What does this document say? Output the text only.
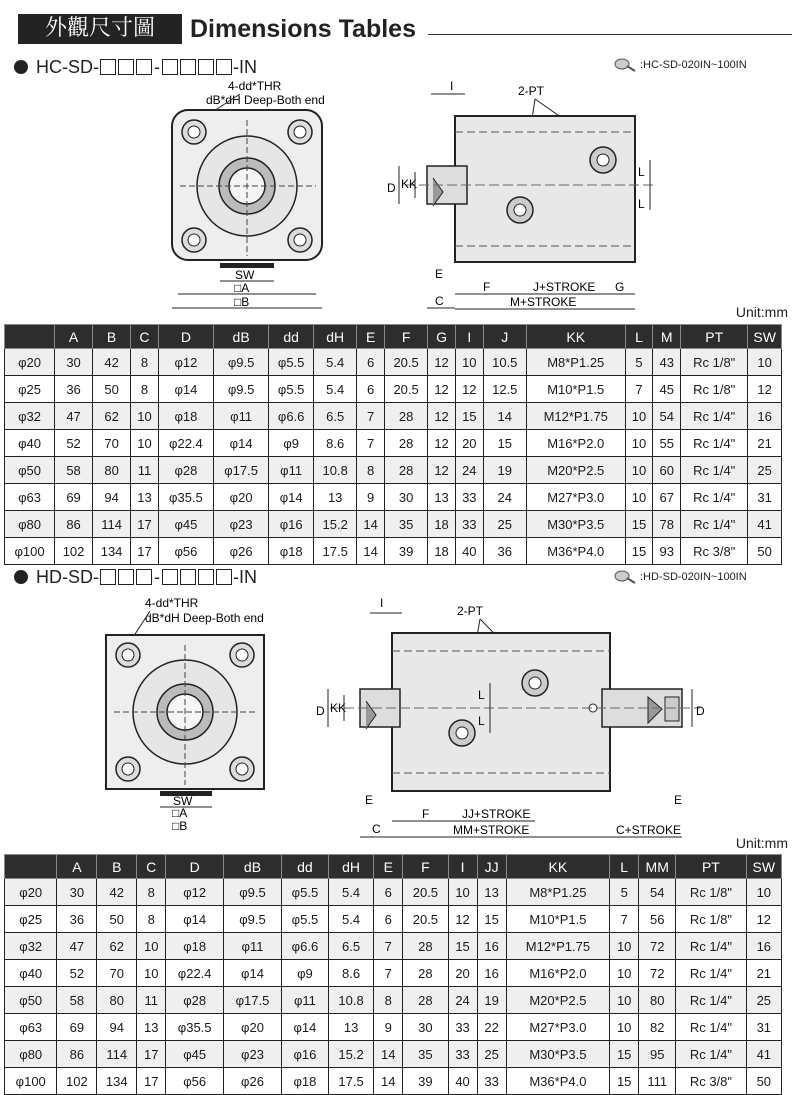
外觀尺寸圖	Dimensions Tables
HC-SD-	-	-IN	:HC-SD-020IN~100IN
4-dd*THR
dB*dH Deep-Both end
SW
□A
□B
I	2-PT
D KK
L
L
E
C
F	J+STROKE G
M+STROKE
Unit:mm
	A	B	C	D	dB	dd	dH	E	F	G	I	J	KK	L	M	PT	SW
φ20	30	42	8	φ12	φ9.5	φ5.5	5.4	6	20.5	12	10	10.5	M8*P1.25	5	43	Rc 1/8"	10
φ25	36	50	8	φ14	φ9.5	φ5.5	5.4	6	20.5	12	12	12.5	M10*P1.5	7	45	Rc 1/8"	12
φ32	47	62	10	φ18	φ11	φ6.6	6.5	7	28	12	15	14	M12*P1.75	10	54	Rc 1/4"	16
φ40	52	70	10	φ22.4	φ14	φ9	8.6	7	28	12	20	15	M16*P2.0	10	55	Rc 1/4"	21
φ50	58	80	11	φ28	φ17.5	φ11	10.8	8	28	12	24	19	M20*P2.5	10	60	Rc 1/4"	25
φ63	69	94	13	φ35.5	φ20	φ14	13	9	30	13	33	24	M27*P3.0	10	67	Rc 1/4"	31
φ80	86	114	17	φ45	φ23	φ16	15.2	14	35	18	33	25	M30*P3.5	15	78	Rc 1/4"	41
φ100	102	134	17	φ56	φ26	φ18	17.5	14	39	18	40	36	M36*P4.0	15	93	Rc 3/8"	50
HD-SD-	-	-IN	:HD-SD-020IN~100IN
4-dd*THR
dB*dH Deep-Both end
SW
□A
□B
I
2-PT
D KK	D
L
L
E	E
C
F	JJ+STROKE
MM+STROKE	C+STROKE
Unit:mm
	A	B	C	D	dB	dd	dH	E	F	I	JJ	KK	L	MM	PT	SW
φ20	30	42	8	φ12	φ9.5	φ5.5	5.4	6	20.5	10	13	M8*P1.25	5	54	Rc 1/8"	10
φ25	36	50	8	φ14	φ9.5	φ5.5	5.4	6	20.5	12	15	M10*P1.5	7	56	Rc 1/8"	12
φ32	47	62	10	φ18	φ11	φ6.6	6.5	7	28	15	16	M12*P1.75	10	72	Rc 1/4"	16
φ40	52	70	10	φ22.4	φ14	φ9	8.6	7	28	20	16	M16*P2.0	10	72	Rc 1/4"	21
φ50	58	80	11	φ28	φ17.5	φ11	10.8	8	28	24	19	M20*P2.5	10	80	Rc 1/4"	25
φ63	69	94	13	φ35.5	φ20	φ14	13	9	30	33	22	M27*P3.0	10	82	Rc 1/4"	31
φ80	86	114	17	φ45	φ23	φ16	15.2	14	35	33	25	M30*P3.5	15	95	Rc 1/4"	41
φ100	102	134	17	φ56	φ26	φ18	17.5	14	39	40	33	M36*P4.0	15	111	Rc 3/8"	50
